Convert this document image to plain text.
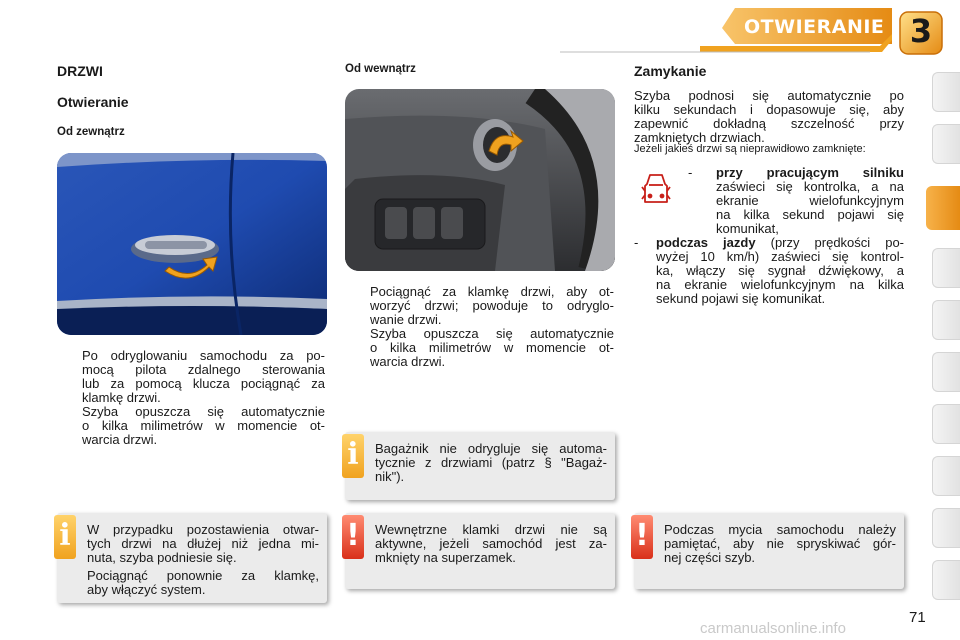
OTWIERANIE 3
DRZWI
Otwieranie
Od zewnątrz
Po odryglowaniu samochodu za po-
mocą pilota zdalnego sterowania
lub za pomocą klucza pociągnąć za
klamkę drzwi.
Szyba opuszcza się automatycznie
o kilka milimetrów w momencie ot-
warcia drzwi.
Od wewnątrz
Pociągnąć za klamkę drzwi, aby ot-
worzyć drzwi; powoduje to odryglo-
wanie drzwi.
Szyba opuszcza się automatycznie
o kilka milimetrów w momencie ot-
warcia drzwi.
Zamykanie
Szyba podnosi się automatycznie po
kilku sekundach i dopasowuje się, aby
zapewnić dokładną szczelność przy
zamkniętych drzwiach.
Jeżeli jakieś drzwi są nieprawidłowo zamknięte:
-	przy pracującym silniku
zaświeci się kontrolka, a na
ekranie wielofunkcyjnym
na kilka sekund pojawi się
komunikat,
-	podczas jazdy (przy prędkości po-
wyżej 10 km/h) zaświeci się kontrol-
ka, włączy się sygnał dźwiękowy, a
na ekranie wielofunkcyjnym na kilka
sekund pojawi się komunikat.
Bagażnik nie odrygluje się automa-
tycznie z drzwiami (patrz § "Bagaż-
nik").
i
W przypadku pozostawienia otwar-
tych drzwi na dłużej niż jedna mi-
nuta, szyba podniesie się.
Pociągnąć ponownie za klamkę,
aby włączyć system.
i	Wewnętrzne klamki drzwi nie są
aktywne, jeżeli samochód jest za-
mknięty na superzamek.
!	Podczas mycia samochodu należy
pamiętać, aby nie spryskiwać gór-
nej części szyb.
!
71
carmanualsonline.info
